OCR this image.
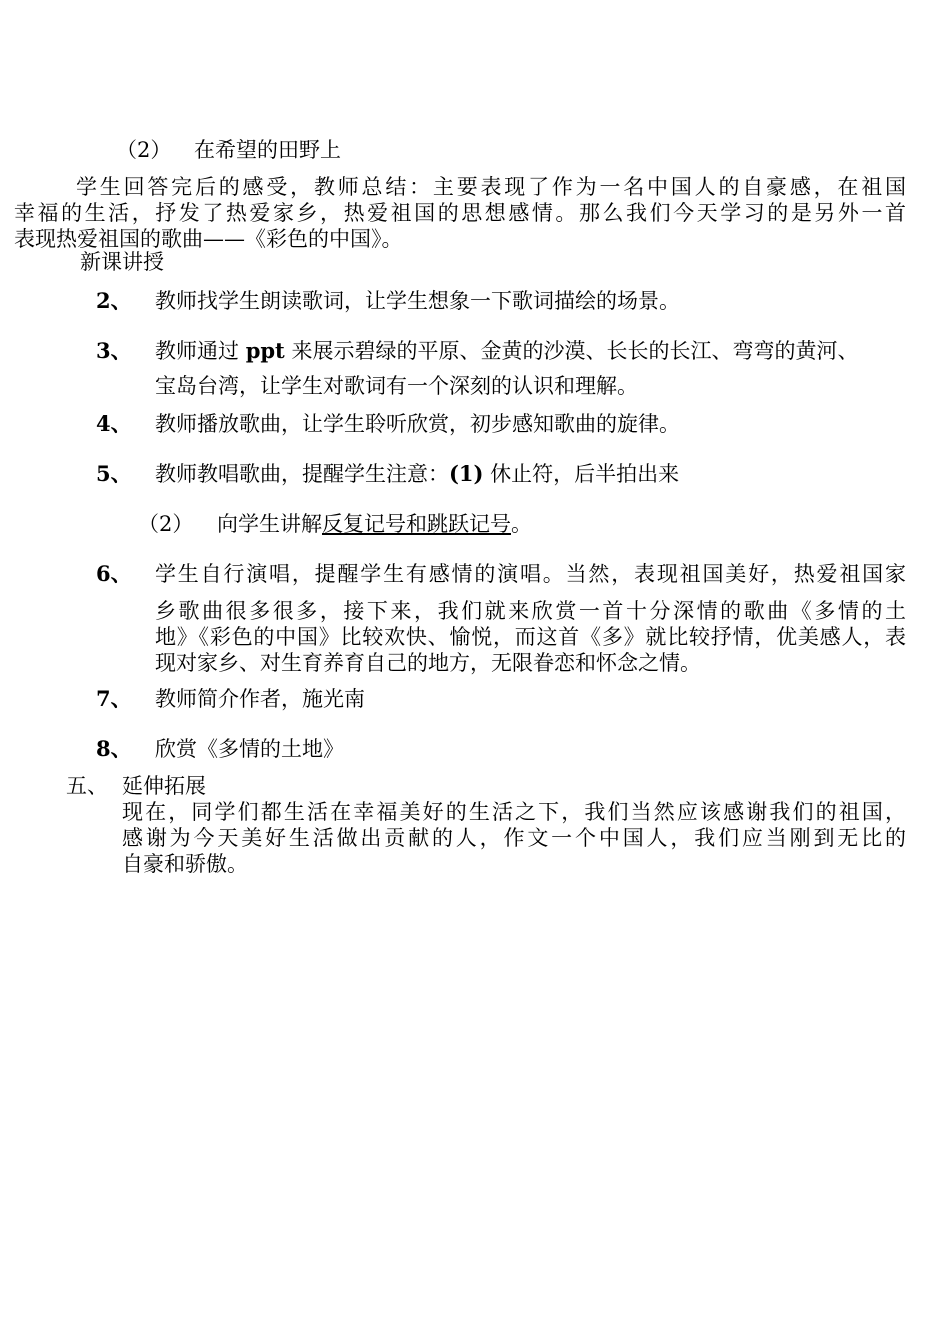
（2） 在希望的田野上
学生回答完后的感受，教师总结：主要表现了作为一名中国人的自豪感，在祖国
幸福的生活，抒发了热爱家乡，热爱祖国的思想感情。那么我们今天学习的是另外一首
表现热爱祖国的歌曲——《彩色的中国》。
新课讲授
2、 教师找学生朗读歌词，让学生想象一下歌词描绘的场景。
3、 教师通过 ppt 来展示碧绿的平原、金黄的沙漠、长长的长江、弯弯的黄河、
宝岛台湾，让学生对歌词有一个深刻的认识和理解。
4、 教师播放歌曲，让学生聆听欣赏，初步感知歌曲的旋律。
5、 教师教唱歌曲，提醒学生注意：(1) 休止符，后半拍出来
（2） 向学生讲解反复记号和跳跃记号。
6、 学生自行演唱，提醒学生有感情的演唱。当然，表现祖国美好，热爱祖国家
乡歌曲很多很多，接下来，我们就来欣赏一首十分深情的歌曲《多情的土
地》《彩色的中国》比较欢快、愉悦，而这首《多》就比较抒情，优美感人，表
现对家乡、对生育养育自己的地方，无限眷恋和怀念之情。
7、 教师简介作者，施光南
8、 欣赏《多情的土地》
五、 延伸拓展
现在，同学们都生活在幸福美好的生活之下，我们当然应该感谢我们的祖国，
感谢为今天美好生活做出贡献的人，作文一个中国人，我们应当刚到无比的
自豪和骄傲。
